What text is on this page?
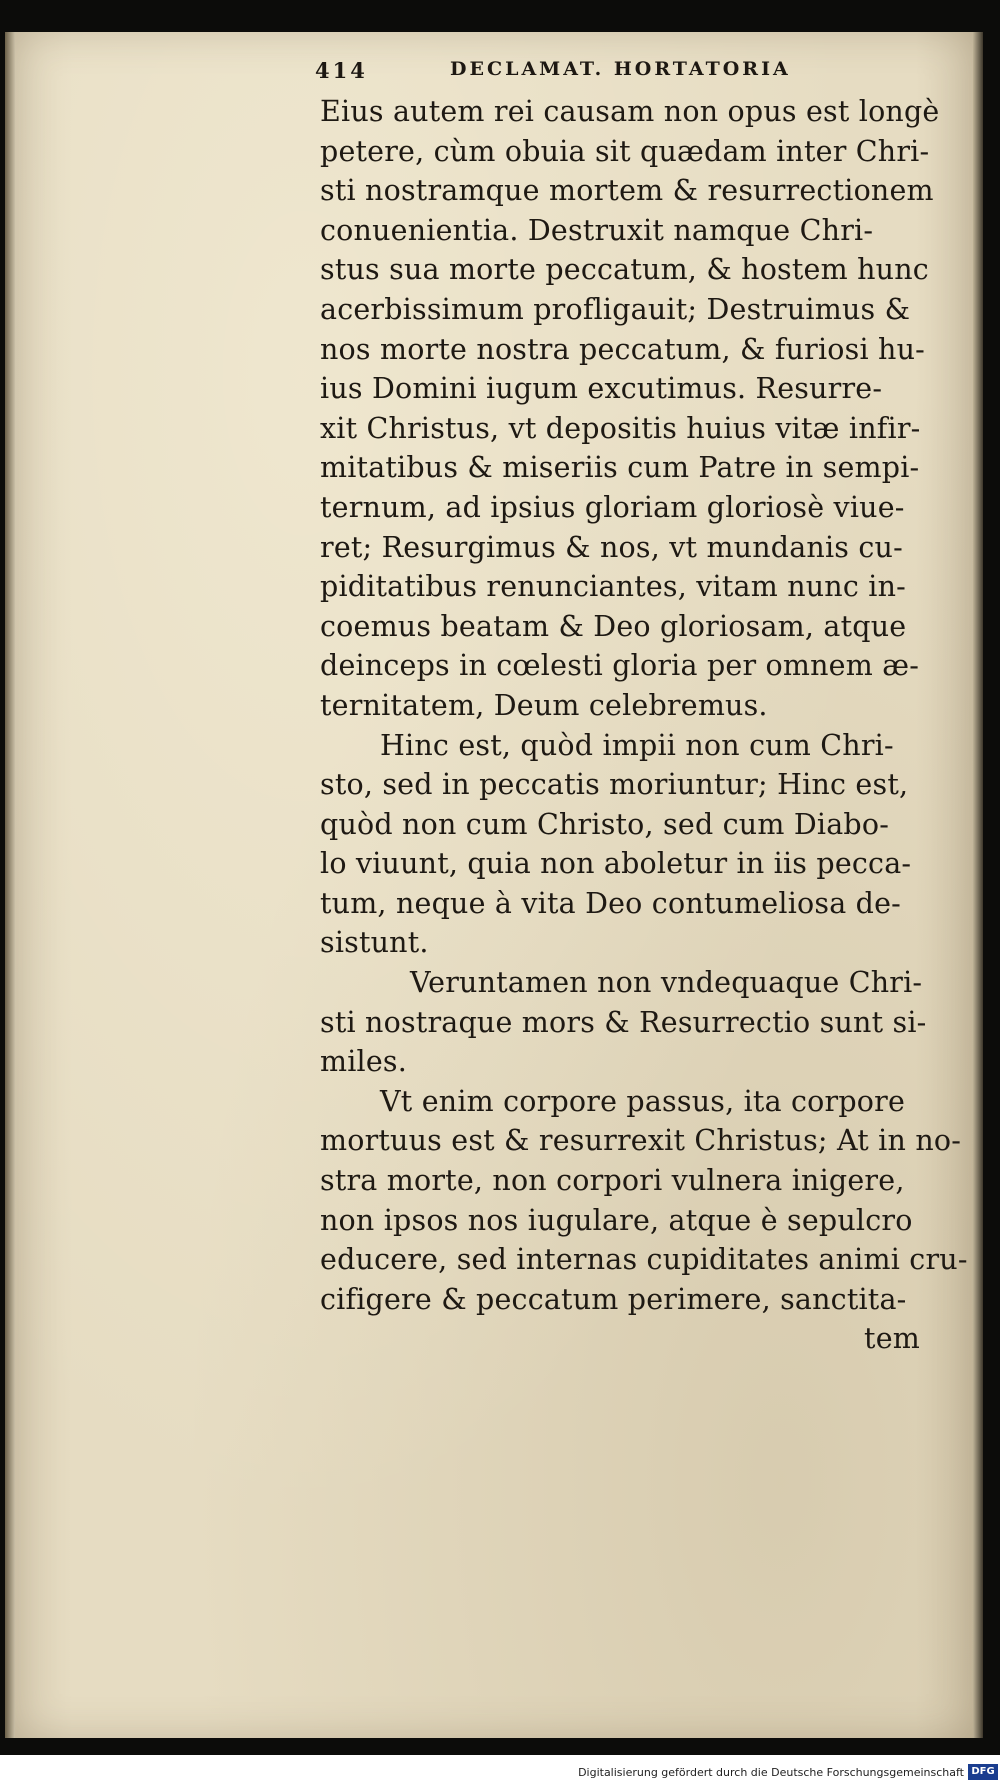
414	DECLAMAT. HORTATORIA
Eius autem rei causam non opus est longè
petere, cùm obuia sit quædam inter Chri-
sti nostramque mortem & resurrectionem
conuenientia. Destruxit namque Chri-
stus sua morte peccatum, & hostem hunc
acerbissimum profligauit; Destruimus &
nos morte nostra peccatum, & furiosi hu-
ius Domini iugum excutimus. Resurre-
xit Christus, vt depositis huius vitæ infir-
mitatibus & miseriis cum Patre in sempi-
ternum, ad ipsius gloriam gloriosè viue-
ret; Resurgimus & nos, vt mundanis cu-
piditatibus renunciantes, vitam nunc in-
coemus beatam & Deo gloriosam, atque
deinceps in cœlesti gloria per omnem æ-
ternitatem, Deum celebremus.
Hinc est, quòd impii non cum Chri-
sto, sed in peccatis moriuntur; Hinc est,
quòd non cum Christo, sed cum Diabo-
lo viuunt, quia non aboletur in iis pecca-
tum, neque à vita Deo contumeliosa de-
sistunt.
Veruntamen non vndequaque Chri-
sti nostraque mors & Resurrectio sunt si-
miles.
Vt enim corpore passus, ita corpore
mortuus est & resurrexit Christus; At in no-
stra morte, non corpori vulnera inigere,
non ipsos nos iugulare, atque è sepulcro
educere, sed internas cupiditates animi cru-
cifigere & peccatum perimere, sanctita-
tem
Digitalisierung gefördert durch die Deutsche Forschungsgemeinschaft DFG
